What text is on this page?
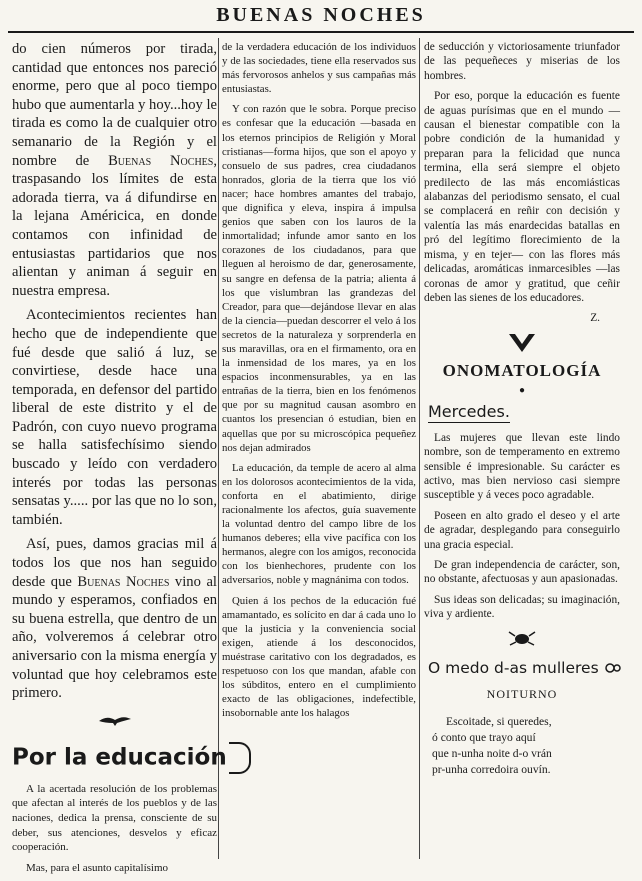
BUENAS NOCHES

do cien números por tirada, cantidad que entonces nos pareció enorme, pero que al poco tiempo hubo que aumentarla y hoy...hoy le tirada es como la de cualquier otro semanario de la Región y el nombre de Buenas Noches, traspasando los límites de esta adorada tierra, va á difundirse en la lejana Américica, en donde contamos con infinidad de entusiastas partidarios que nos alientan y animan á seguir en nuestra empresa.

Acontecimientos recientes han hecho que de independiente que fué desde que salió á luz, se convirtiese, desde hace una temporada, en defensor del partido liberal de este distrito y el de Padrón, con cuyo nuevo programa se halla satisfechísimo siendo buscado y leído con verdadero interés por todas las personas sensatas y..... por las que no lo son, también.

Así, pues, damos gracias mil á todos los que nos han seguido desde que Buenas Noches vino al mundo y esperamos, confiados en su buena estrella, que dentro de un año, volveremos á celebrar otro aniversario con la misma energía y voluntad que hoy celebramos este primero.

Por la educación

A la acertada resolución de los problemas que afectan al interés de los pueblos y de las naciones, dedica la prensa, consciente de su deber, sus atenciones, desvelos y eficaz cooperación.

Mas, para el asunto capitalísimo

de la verdadera educación de los individuos y de las sociedades, tiene ella reservados sus más fervorosos anhelos y sus campañas más entusiastas.

Y con razón que le sobra. Porque preciso es confesar que la educación —basada en los eternos principios de Religión y Moral cristianas—forma hijos, que son el apoyo y consuelo de sus padres, crea ciudadanos honrados, gloria de la tierra que los vió nacer; hace hombres amantes del trabajo, que dignifica y eleva, inspira á impulsa genios que saben con los lauros de la inmortalidad; infunde amor santo en los corazones de los ciudadanos, para que lleguen al heroismo de dar, generosamente, su sangre en defensa de la patria; alienta á los que vislumbran las grandezas del Creador, para que—dejándose llevar en alas de la ciencia—puedan descorrer el velo á los secretos de la naturaleza y sorprenderla en sus maravillas, ora en el firmamento, ora en la inmensidad de los mares, ya en los espacios inconmensurables, ya en las entrañas de la tierra, bien en los fenómenos que por su magnitud causan asombro en cuantos los presencian ó estudian, bien en aquellas que por su microscópica pequeñez nos dejan admirados

La educación, da temple de acero al alma en los dolorosos acontecimientos de la vida, conforta en el abatimiento, dirige racionalmente los afectos, guía suavemente la voluntad dentro del campo libre de los humanos deberes; ella vive pacífica con los hermanos, alegre con los amigos, reconocida con los bienhechores, prudente con los adversarios, noble y magnánima con todos.

Quien á los pechos de la educación fué amamantado, es solícito en dar á cada uno lo que la justicia y la conveniencia social exigen, atiende á los desconocidos, muéstrase caritativo con los degradados, es respetuoso con los que mandan, afable con los súbditos, entero en el cumplimiento exacto de las obligaciones, indefectible, insobornable ante los halagos

de seducción y victoriosamente triunfador de las pequeñeces y miserias de los hombres.

Por eso, porque la educación es fuente de aguas purísimas que en el mundo — causan el bienestar compatible con la pobre condición de la humanidad y preparan para la felicidad que nunca termina, ella será siempre el objeto predilecto de las más encomiásticas alabanzas del periodismo sensato, el cual se complacerá en reñir con decisión y valentía las más enardecidas batallas en pró del legítimo florecimiento de la misma, y en tejer— con las flores más delicadas, aromáticas inmarcesibles —las coronas de amor y gratitud, que ceñir deben las sienes de los educadores.

Z.

ONOMATOLOGÍA
●
Mercedes.

Las mujeres que llevan este lindo nombre, son de temperamento en extremo sensible é impresionable. Su carácter es activo, mas bien nervioso casi siempre susceptible y á veces poco agradable.

Poseen en alto grado el deseo y el arte de agradar, desplegando para conseguirlo una gracia especial.

De gran independencia de carácter, son, no obstante, afectuosas y aun apasionadas.

Sus ideas son delicadas; su imaginación, viva y ardiente.

O medo d-as mulleres
NOITURNO
Escoitade, si queredes,
ó conto que trayo aquí
que n-unha noite d-o vrán
pr-unha corredoira ouvín.
